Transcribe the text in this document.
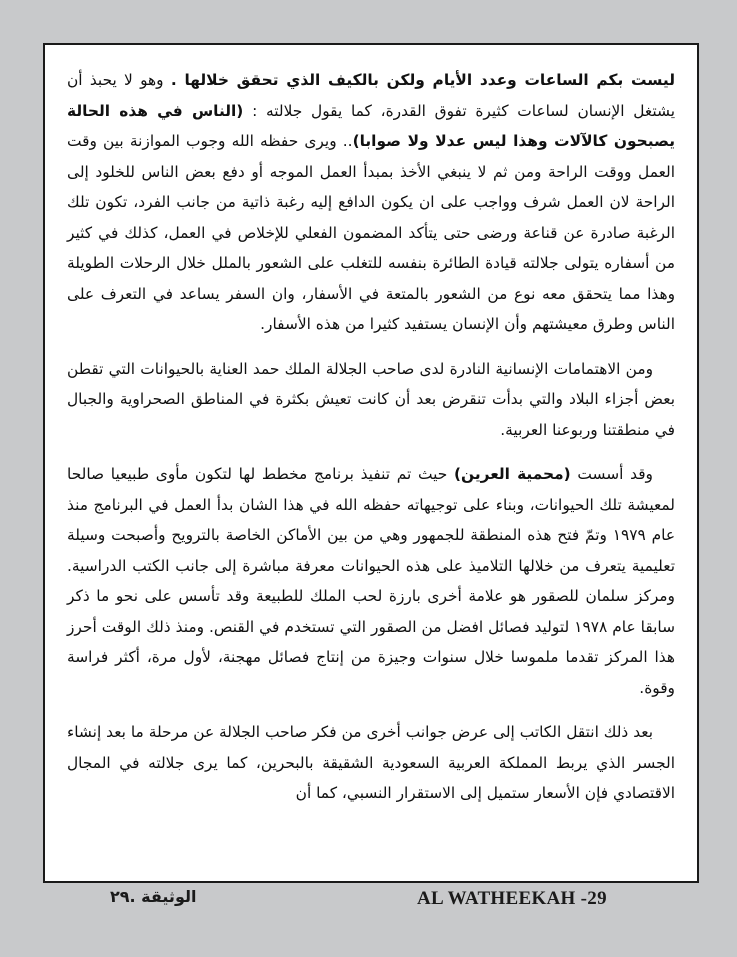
ليست بكم الساعات وعدد الأيام ولكن بالكيف الذي تحقق خلالها . وهو لا يحبذ أن يشتغل الإنسان لساعات كثيرة تفوق القدرة، كما يقول جلالته : (الناس في هذه الحالة يصبحون كالآلات وهذا ليس عدلا ولا صوابا).. ويرى حفظه الله وجوب الموازنة بين وقت العمل ووقت الراحة ومن ثم لا ينبغي الأخذ بمبدأ العمل الموجه أو دفع بعض الناس للخلود إلى الراحة لان العمل شرف وواجب على ان يكون الدافع إليه رغبة ذاتية من جانب الفرد، تكون تلك الرغبة صادرة عن قناعة ورضى حتى يتأكد المضمون الفعلي للإخلاص في العمل، كذلك في كثير من أسفاره يتولى جلالته قيادة الطائرة بنفسه للتغلب على الشعور بالملل خلال الرحلات الطويلة وهذا مما يتحقق معه نوع من الشعور بالمتعة في الأسفار، وان السفر يساعد في التعرف على الناس وطرق معيشتهم وأن الإنسان يستفيد كثيرا من هذه الأسفار.

ومن الاهتمامات الإنسانية النادرة لدى صاحب الجلالة الملك حمد العناية بالحيوانات التي تقطن بعض أجزاء البلاد والتي بدأت تنقرض بعد أن كانت تعيش بكثرة في المناطق الصحراوية والجبال في منطقتنا وربوعنا العربية.

وقد أسست (محمية العرين) حيث تم تنفيذ برنامج مخطط لها لتكون مأوى طبيعيا صالحا لمعيشة تلك الحيوانات، وبناء على توجيهاته حفظه الله في هذا الشان بدأ العمل في البرنامج منذ عام ١٩٧٩ وتمّ فتح هذه المنطقة للجمهور وهي من بين الأماكن الخاصة بالترويح وأصبحت وسيلة تعليمية يتعرف من خلالها التلاميذ على هذه الحيوانات معرفة مباشرة إلى جانب الكتب الدراسية. ومركز سلمان للصقور هو علامة أخرى بارزة لحب الملك للطبيعة وقد تأسس على نحو ما ذكر سابقا عام ١٩٧٨ لتوليد فصائل افضل من الصقور التي تستخدم في القنص. ومنذ ذلك الوقت أحرز هذا المركز تقدما ملموسا خلال سنوات وجيزة من إنتاج فصائل مهجنة، لأول مرة، أكثر فراسة وقوة.

بعد ذلك انتقل الكاتب إلى عرض جوانب أخرى من فكر صاحب الجلالة عن مرحلة ما بعد إنشاء الجسر الذي يربط المملكة العربية السعودية الشقيقة بالبحرين، كما يرى جلالته في المجال الاقتصادي فإن الأسعار ستميل إلى الاستقرار النسبي، كما أن

AL WATHEEKAH -29
الوثيقة .٢٩
